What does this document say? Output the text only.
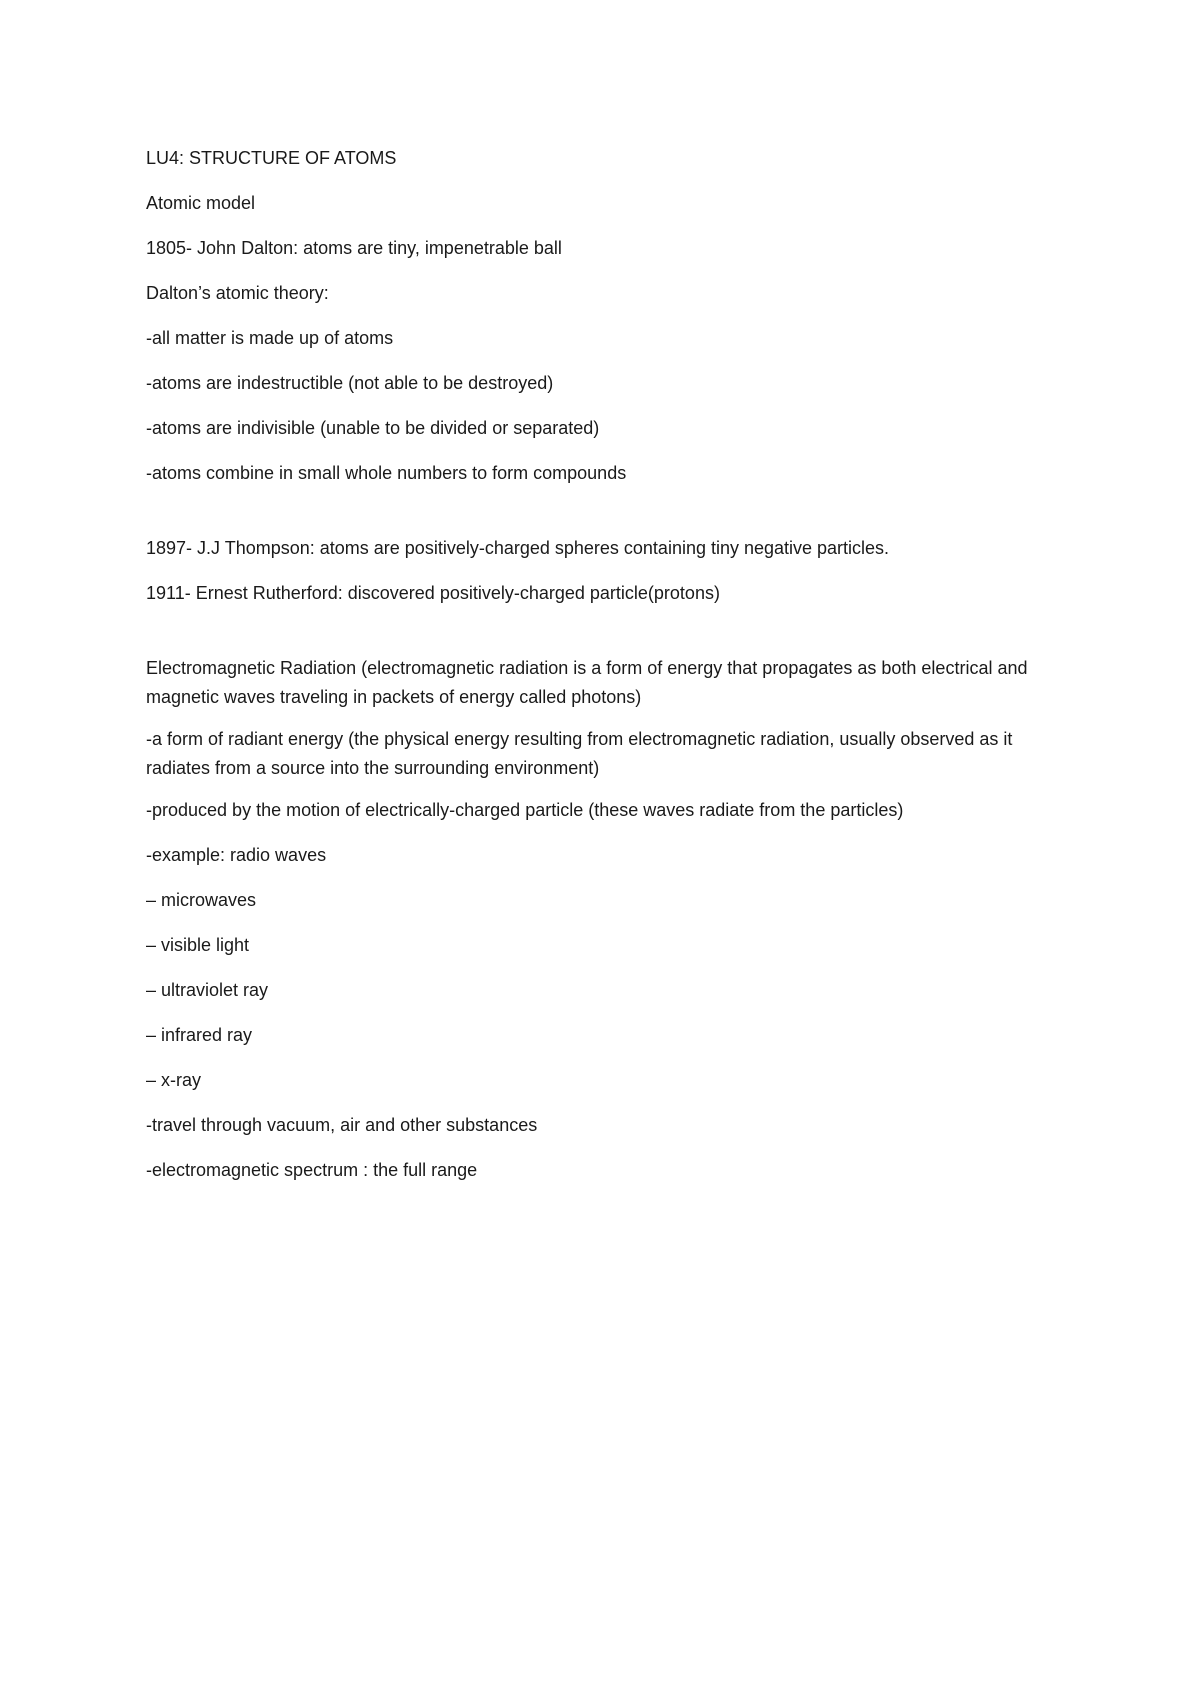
LU4: STRUCTURE OF ATOMS
Atomic model
1805- John Dalton: atoms are tiny, impenetrable ball
Dalton’s atomic theory:
-all matter is made up of atoms
-atoms are indestructible (not able to be destroyed)
-atoms are indivisible (unable to be divided or separated)
-atoms combine in small whole numbers to form compounds
1897- J.J Thompson: atoms are positively-charged spheres containing tiny negative particles.
1911- Ernest Rutherford: discovered positively-charged particle(protons)
Electromagnetic Radiation (electromagnetic radiation is a form of energy that propagates as both electrical and magnetic waves traveling in packets of energy called photons)
-a form of radiant energy (the physical energy resulting from electromagnetic radiation, usually observed as it radiates from a source into the surrounding environment)
-produced by the motion of electrically-charged particle (these waves radiate from the particles)
-example: radio waves
– microwaves
– visible light
– ultraviolet ray
– infrared ray
– x-ray
-travel through vacuum, air and other substances
-electromagnetic spectrum : the full range
